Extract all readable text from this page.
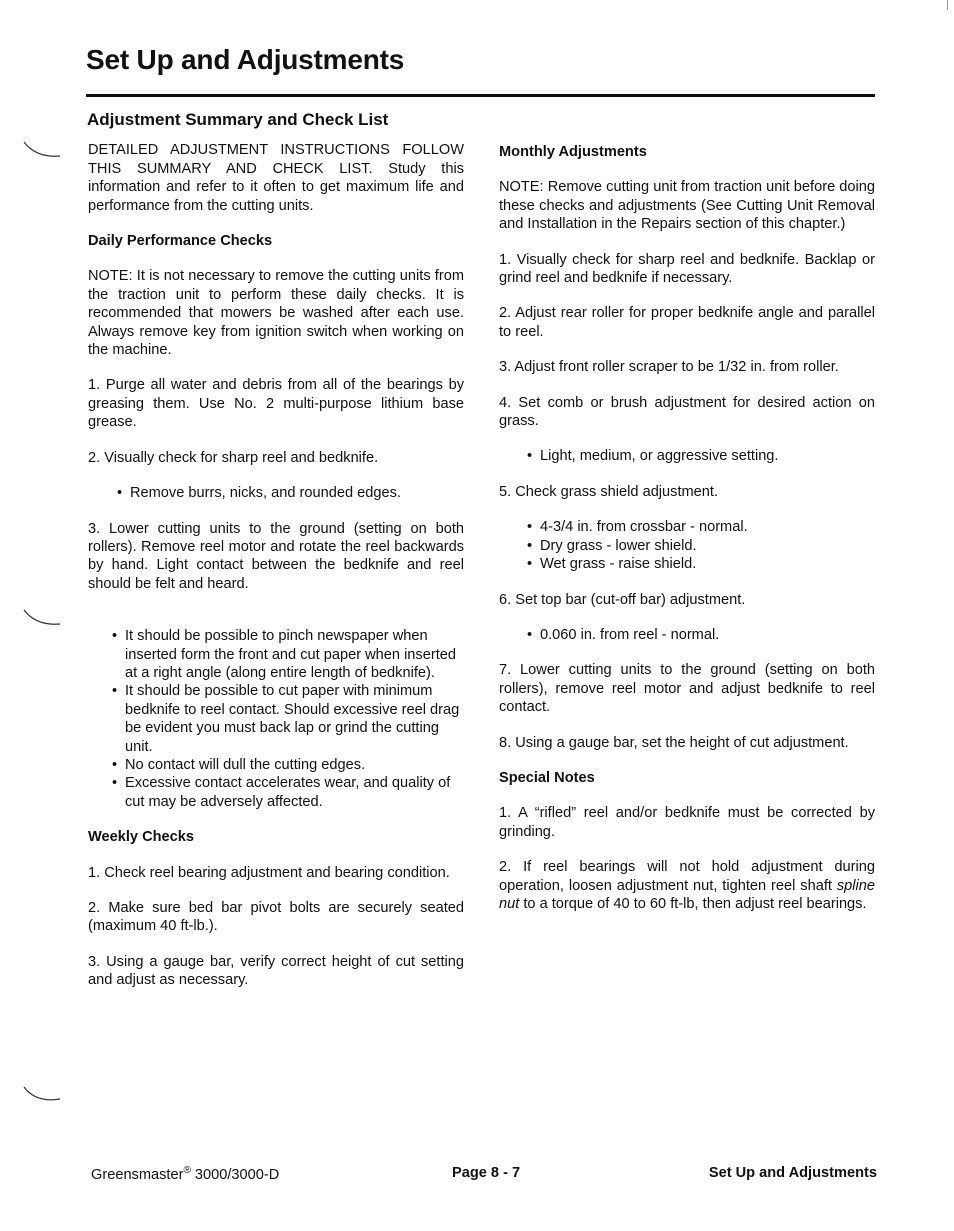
Set Up and Adjustments
Adjustment Summary and Check List

DETAILED ADJUSTMENT INSTRUCTIONS FOLLOW THIS SUMMARY AND CHECK LIST. Study this information and refer to it often to get maximum life and performance from the cutting units.

Daily Performance Checks

NOTE: It is not necessary to remove the cutting units from the traction unit to perform these daily checks. It is recommended that mowers be washed after each use. Always remove key from ignition switch when working on the machine.

1. Purge all water and debris from all of the bearings by greasing them. Use No. 2 multi-purpose lithium base grease.

2. Visually check for sharp reel and bedknife.

• Remove burrs, nicks, and rounded edges.

3. Lower cutting units to the ground (setting on both rollers). Remove reel motor and rotate the reel backwards by hand. Light contact between the bedknife and reel should be felt and heard.

• It should be possible to pinch newspaper when inserted form the front and cut paper when inserted at a right angle (along entire length of bedknife).
• It should be possible to cut paper with minimum bedknife to reel contact. Should excessive reel drag be evident you must back lap or grind the cutting unit.
• No contact will dull the cutting edges.
• Excessive contact accelerates wear, and quality of cut may be adversely affected.
Weekly Checks

1. Check reel bearing adjustment and bearing condition.

2. Make sure bed bar pivot bolts are securely seated (maximum 40 ft-lb.).

3. Using a gauge bar, verify correct height of cut setting and adjust as necessary.

Monthly Adjustments

NOTE: Remove cutting unit from traction unit before doing these checks and adjustments (See Cutting Unit Removal and Installation in the Repairs section of this chapter.)

1. Visually check for sharp reel and bedknife. Backlap or grind reel and bedknife if necessary.

2. Adjust rear roller for proper bedknife angle and parallel to reel.

3. Adjust front roller scraper to be 1/32 in. from roller.

4. Set comb or brush adjustment for desired action on grass.

• Light, medium, or aggressive setting.

5. Check grass shield adjustment.

• 4-3/4 in. from crossbar - normal.
• Dry grass - lower shield.
• Wet grass - raise shield.

6. Set top bar (cut-off bar) adjustment.

• 0.060 in. from reel - normal.

7. Lower cutting units to the ground (setting on both rollers), remove reel motor and adjust bedknife to reel contact.

8. Using a gauge bar, set the height of cut adjustment.

Special Notes

1. A “rifled” reel and/or bedknife must be corrected by grinding.

2. If reel bearings will not hold adjustment during operation, loosen adjustment nut, tighten reel shaft spline nut to a torque of 40 to 60 ft-lb, then adjust reel bearings.

Greensmaster® 3000/3000-D	Page 8 - 7	Set Up and Adjustments
